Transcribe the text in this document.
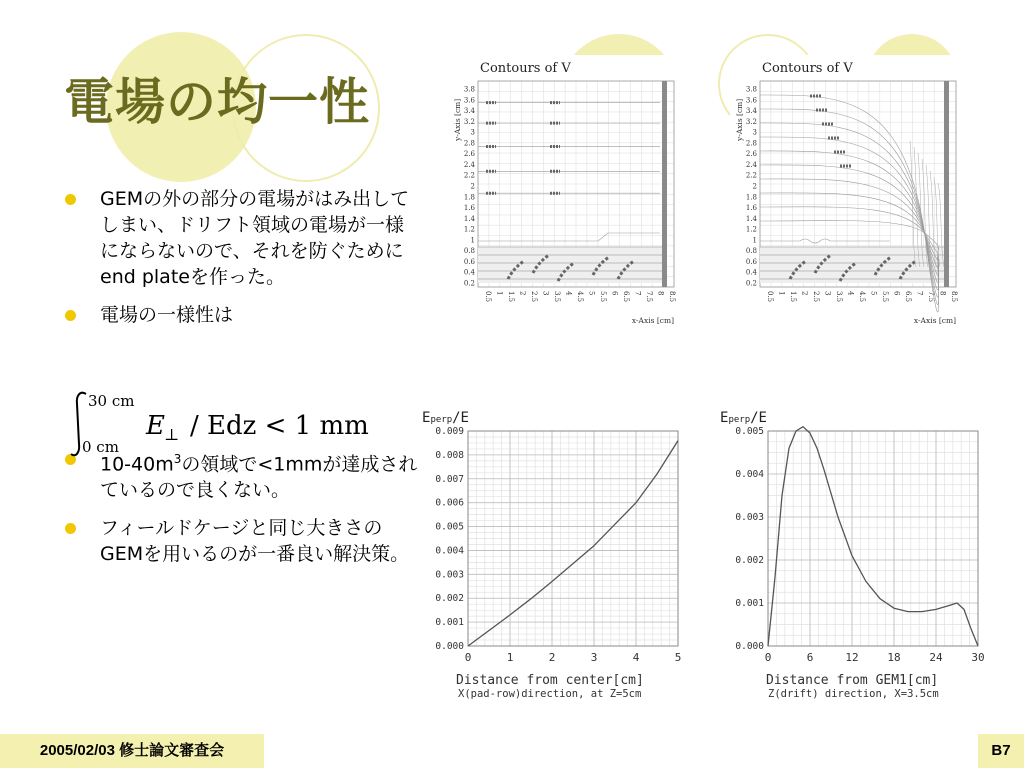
電場の均一性
GEMの外の部分の電場がはみ出してしまい、ドリフト領域の電場が一様にならないので、それを防ぐためにend plateを作った。
電場の一様性は
$10-40m^3$の領域で<1mmが達成されているので良くない。
フィールドケージと同じ大きさのGEMを用いるのが一番良い解決策。
30 cm
0 cm
E ⊥ / Edz < 1 mm
Contours of V
3.8
3.6
3.4
3.2
3
2.8
2.6
2.4
2.2
2
1.8
1.6
1.4
1.2
1
0.8
0.6
0.4
0.2
0.5 1 1.5 2 2.5 3 3.5 4 4.5 5 5.5 6 6.5 7 7.5 8 8.5
y-Axis [cm]
x-Axis [cm]
Contours of V
3.8
3.6
3.4
3.2
3
2.8
2.6
2.4
2.2
2
1.8
1.6
1.4
1.2
1
0.8
0.6
0.4
0.2
0.5 1 1.5 2 2.5 3 3.5 4 4.5 5 5.5 6 6.5 7 7.5 8 8.5
y-Axis [cm]
x-Axis [cm]
Eperp/E
0.000
0.001
0.002
0.003
0.004
0.005
0.006
0.007
0.008
0.009
0	1	2	3	4	5
Distance from center[cm]
X(pad-row)direction, at Z=5cm
Eperp/E
0.000
0.001
0.002
0.003
0.004
0.005
0	6	12	18	24	30
Distance from GEM1[cm]
Z(drift) direction, X=3.5cm
2005/02/03 修士論文審査会	B7
